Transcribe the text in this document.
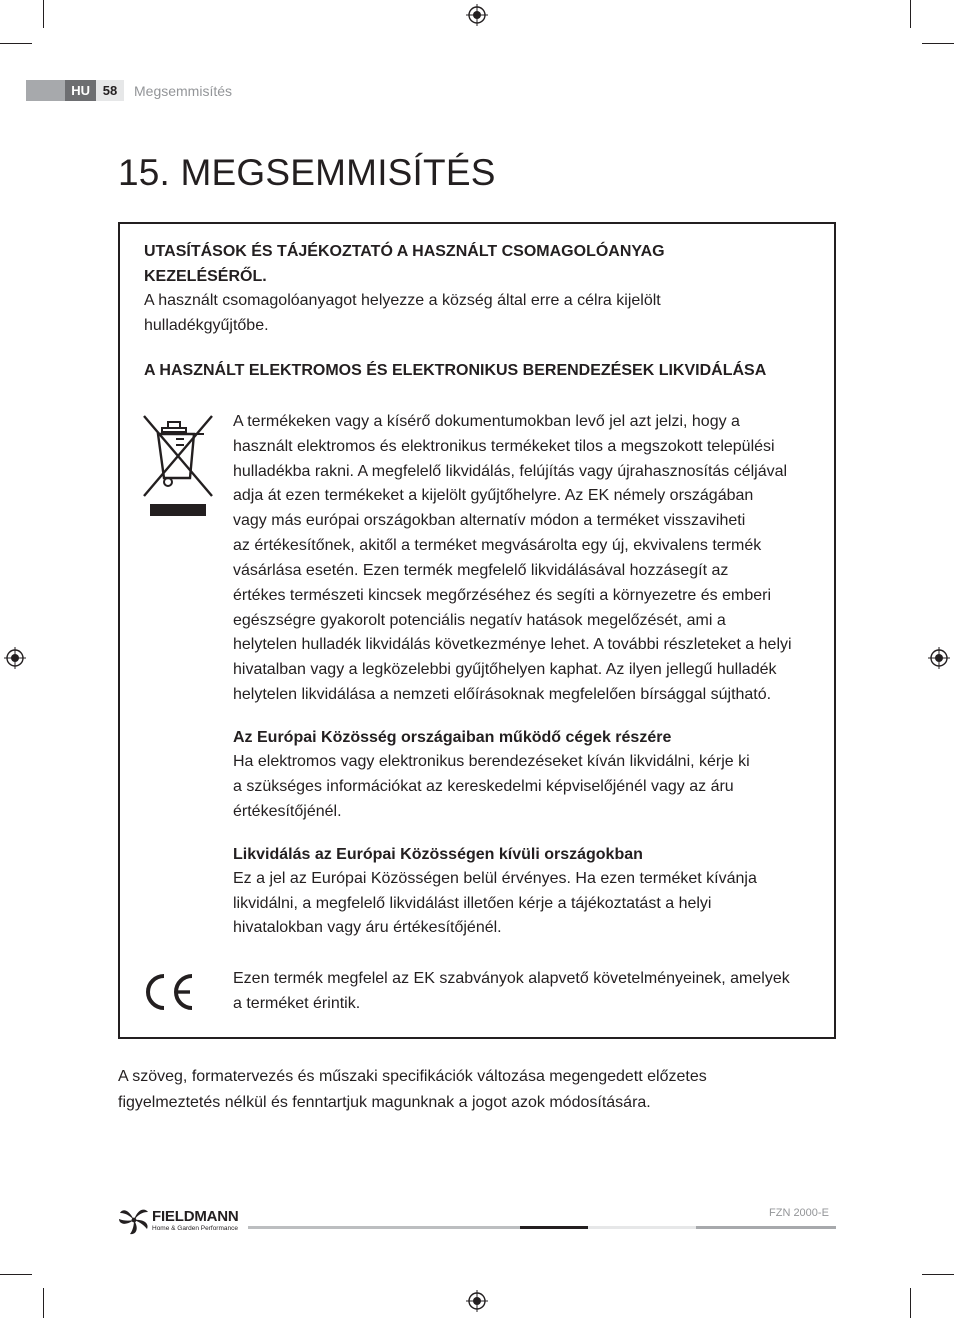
HU 58	Megsemmisítés
15. MEGSEMMISÍTÉS
UTASÍTÁSOK ÉS TÁJÉKOZTATÓ A HASZNÁLT CSOMAGOLÓANYAG
KEZELÉSÉRŐL.
A használt csomagolóanyagot helyezze a község által erre a célra kijelölt
hulladékgyűjtőbe.
A HASZNÁLT ELEKTROMOS ÉS ELEKTRONIKUS BERENDEZÉSEK LIKVIDÁLÁSA
A termékeken vagy a kísérő dokumentumokban levő jel azt jelzi, hogy a
használt elektromos és elektronikus termékeket tilos a megszokott települési
hulladékba rakni. A megfelelő likvidálás, felújítás vagy újrahasznosítás céljával
adja át ezen termékeket a kijelölt gyűjtőhelyre. Az EK némely országában
vagy más európai országokban alternatív módon a terméket visszaviheti
az értékesítőnek, akitől a terméket megvásárolta egy új, ekvivalens termék
vásárlása esetén. Ezen termék megfelelő likvidálásával hozzásegít az
értékes természeti kincsek megőrzéséhez és segíti a környezetre és emberi
egészségre gyakorolt potenciális negatív hatások megelőzését, ami a
helytelen hulladék likvidálás következménye lehet. A további részleteket a helyi
hivatalban vagy a legközelebbi gyűjtőhelyen kaphat. Az ilyen jellegű hulladék
helytelen likvidálása a nemzeti előírásoknak megfelelően bírsággal sújtható.
Az Európai Közösség országaiban működő cégek részére
Ha elektromos vagy elektronikus berendezéseket kíván likvidálni, kérje ki
a szükséges információkat az kereskedelmi képviselőjénél vagy az áru
értékesítőjénél.
Likvidálás az Európai Közösségen kívüli országokban
Ez a jel az Európai Közösségen belül érvényes. Ha ezen terméket kívánja
likvidálni, a megfelelő likvidálást illetően kérje a tájékoztatást a helyi
hivatalokban vagy áru értékesítőjénél.
Ezen termék megfelel az EK szabványok alapvető követelményeinek, amelyek
a terméket érintik.
A szöveg, formatervezés és műszaki specifikációk változása megengedett előzetes
figyelmeztetés nélkül és fenntartjuk magunknak a jogot azok módosítására.
FIELDMANN
Home & Garden Performance
FZN 2000-E
